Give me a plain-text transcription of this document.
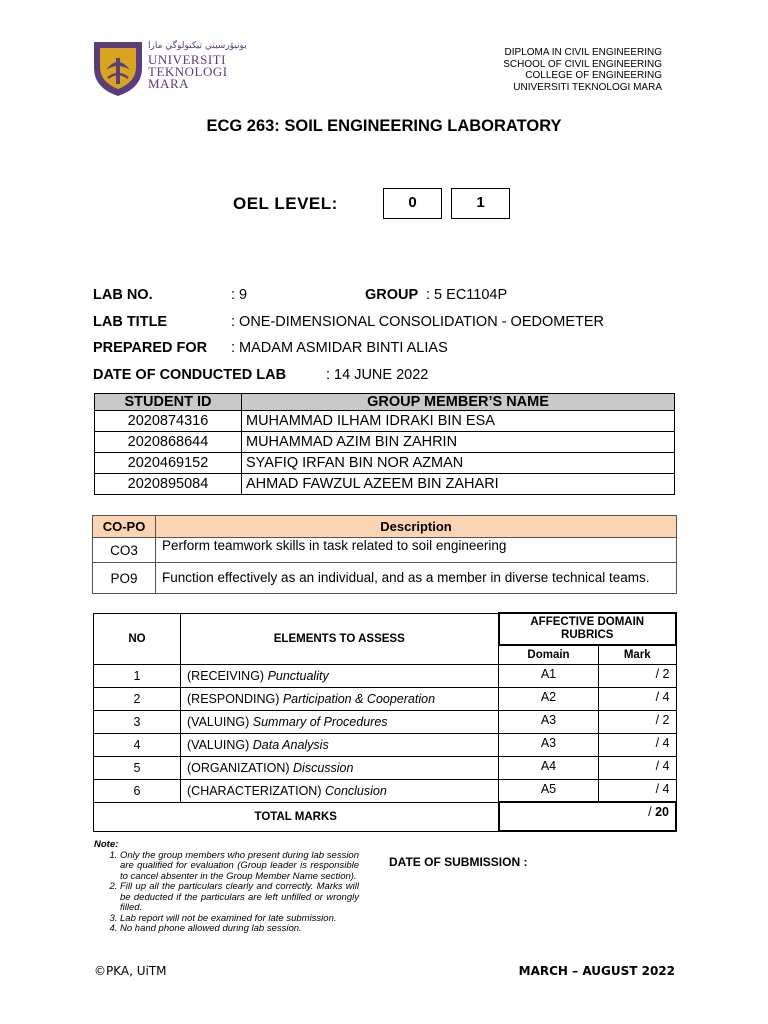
ﻳﻮﻧﻴﯚﺭﺳﻴﺘﻲ ﺗﻴﻜﻨﻮﻟﻮﮔﻲ ﻣﺎﺭﺍ
UNIVERSITI
TEKNOLOGI
MARA
DIPLOMA IN CIVIL ENGINEERING
SCHOOL OF CIVIL ENGINEERING
COLLEGE OF ENGINEERING
UNIVERSITI TEKNOLOGI MARA
ECG 263: SOIL ENGINEERING LABORATORY
OEL LEVEL:	0	1
LAB NO.	: 9	GROUP : 5 EC1104P
LAB TITLE	: ONE-DIMENSIONAL CONSOLIDATION - OEDOMETER
PREPARED FOR : MADAM ASMIDAR BINTI ALIAS
DATE OF CONDUCTED LAB	: 14 JUNE 2022
STUDENT ID	GROUP MEMBER’S NAME
2020874316	MUHAMMAD ILHAM IDRAKI BIN ESA
2020868644	MUHAMMAD AZIM BIN ZAHRIN
2020469152	SYAFIQ IRFAN BIN NOR AZMAN
2020895084	AHMAD FAWZUL AZEEM BIN ZAHARI
CO-PO	Description
CO3	Perform teamwork skills in task related to soil engineering
PO9	Function effectively as an individual, and as a member in diverse technical teams.
NO	ELEMENTS TO ASSESS	AFFECTIVE DOMAIN RUBRICS	
		Domain	Mark
1	(RECEIVING) Punctuality	A1	/ 2
2	(RESPONDING) Participation & Cooperation	A2	/ 4
3	(VALUING) Summary of Procedures	A3	/ 2
4	(VALUING) Data Analysis	A3	/ 4
5	(ORGANIZATION) Discussion	A4	/ 4
6	(CHARACTERIZATION) Conclusion	A5	/ 4
TOTAL MARKS		/ 20	
Note:
1. Only the group members who present during lab session are qualified for evaluation (Group leader is responsible to cancel absenter in the Group Member Name section).
2. Fill up all the particulars clearly and correctly. Marks will be deducted if the particulars are left unfilled or wrongly filled.
3. Lab report will not be examined for late submission.
4. No hand phone allowed during lab session.
DATE OF SUBMISSION :
©PKA, UiTM	MARCH – AUGUST 2022
